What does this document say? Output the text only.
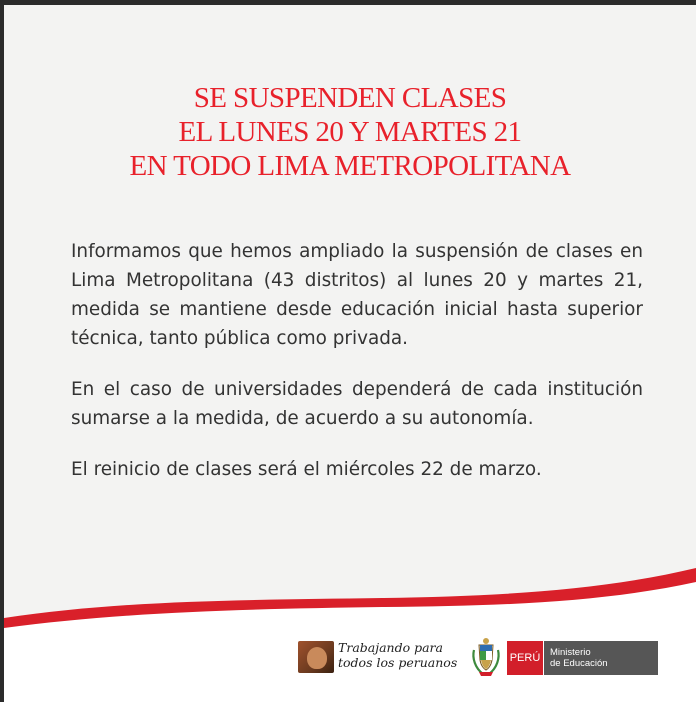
SE SUSPENDEN CLASES
EL LUNES 20 Y MARTES 21
EN TODO LIMA METROPOLITANA

Informamos que hemos ampliado la suspensión de clases en Lima Metropolitana (43 distritos) al lunes 20 y martes 21, medida se mantiene desde educación inicial hasta superior técnica, tanto pública como privada.

En el caso de universidades dependerá de cada institución sumarse a la medida, de acuerdo a su autonomía.

El reinicio de clases será el miércoles 22 de marzo.

Trabajando para
todos los peruanos	PERÚ Ministerio
de Educación
